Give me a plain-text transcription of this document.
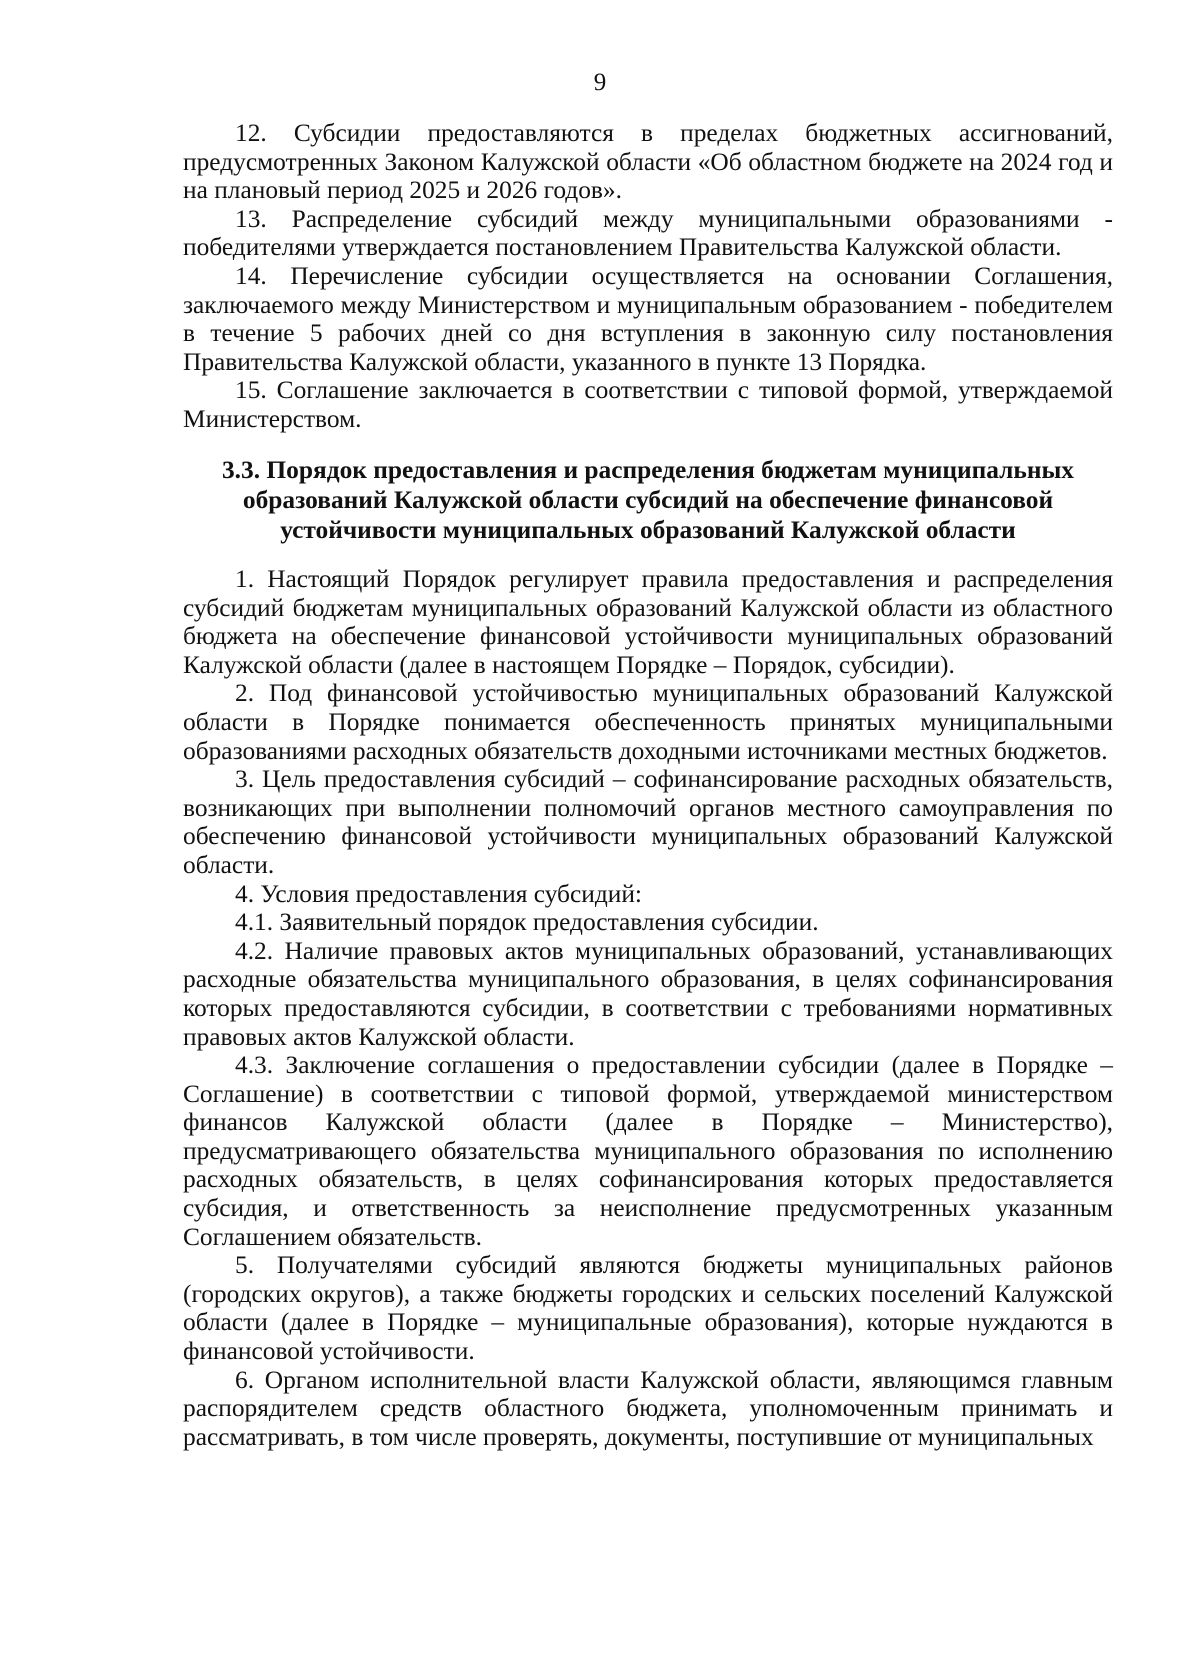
9

12. Субсидии предоставляются в пределах бюджетных ассигнований, предусмотренных Законом Калужской области «Об областном бюджете на 2024 год и на плановый период 2025 и 2026 годов».

13. Распределение субсидий между муниципальными образованиями - победителями утверждается постановлением Правительства Калужской области.

14. Перечисление субсидии осуществляется на основании Соглашения, заключаемого между Министерством и муниципальным образованием - победителем в течение 5 рабочих дней со дня вступления в законную силу постановления Правительства Калужской области, указанного в пункте 13 Порядка.

15. Соглашение заключается в соответствии с типовой формой, утверждаемой Министерством.

3.3. Порядок предоставления и распределения бюджетам муниципальных
образований Калужской области субсидий на обеспечение финансовой
устойчивости муниципальных образований Калужской области

1. Настоящий Порядок регулирует правила предоставления и распределения субсидий бюджетам муниципальных образований Калужской области из областного бюджета на обеспечение финансовой устойчивости муниципальных образований Калужской области (далее в настоящем Порядке – Порядок, субсидии).

2. Под финансовой устойчивостью муниципальных образований Калужской области в Порядке понимается обеспеченность принятых муниципальными образованиями расходных обязательств доходными источниками местных бюджетов.

3. Цель предоставления субсидий – софинансирование расходных обязательств, возникающих при выполнении полномочий органов местного самоуправления по обеспечению финансовой устойчивости муниципальных образований Калужской области.

4. Условия предоставления субсидий:

4.1. Заявительный порядок предоставления субсидии.

4.2. Наличие правовых актов муниципальных образований, устанавливающих расходные обязательства муниципального образования, в целях софинансирования которых предоставляются субсидии, в соответствии с требованиями нормативных правовых актов Калужской области.

4.3. Заключение соглашения о предоставлении субсидии (далее в Порядке – Соглашение) в соответствии с типовой формой, утверждаемой министерством финансов Калужской области (далее в Порядке – Министерство), предусматривающего обязательства муниципального образования по исполнению расходных обязательств, в целях софинансирования которых предоставляется субсидия, и ответственность за неисполнение предусмотренных указанным Соглашением обязательств.

5. Получателями субсидий являются бюджеты муниципальных районов (городских округов), а также бюджеты городских и сельских поселений Калужской области (далее в Порядке – муниципальные образования), которые нуждаются в финансовой устойчивости.

6. Органом исполнительной власти Калужской области, являющимся главным распорядителем средств областного бюджета, уполномоченным принимать и рассматривать, в том числе проверять, документы, поступившие от муниципальных
